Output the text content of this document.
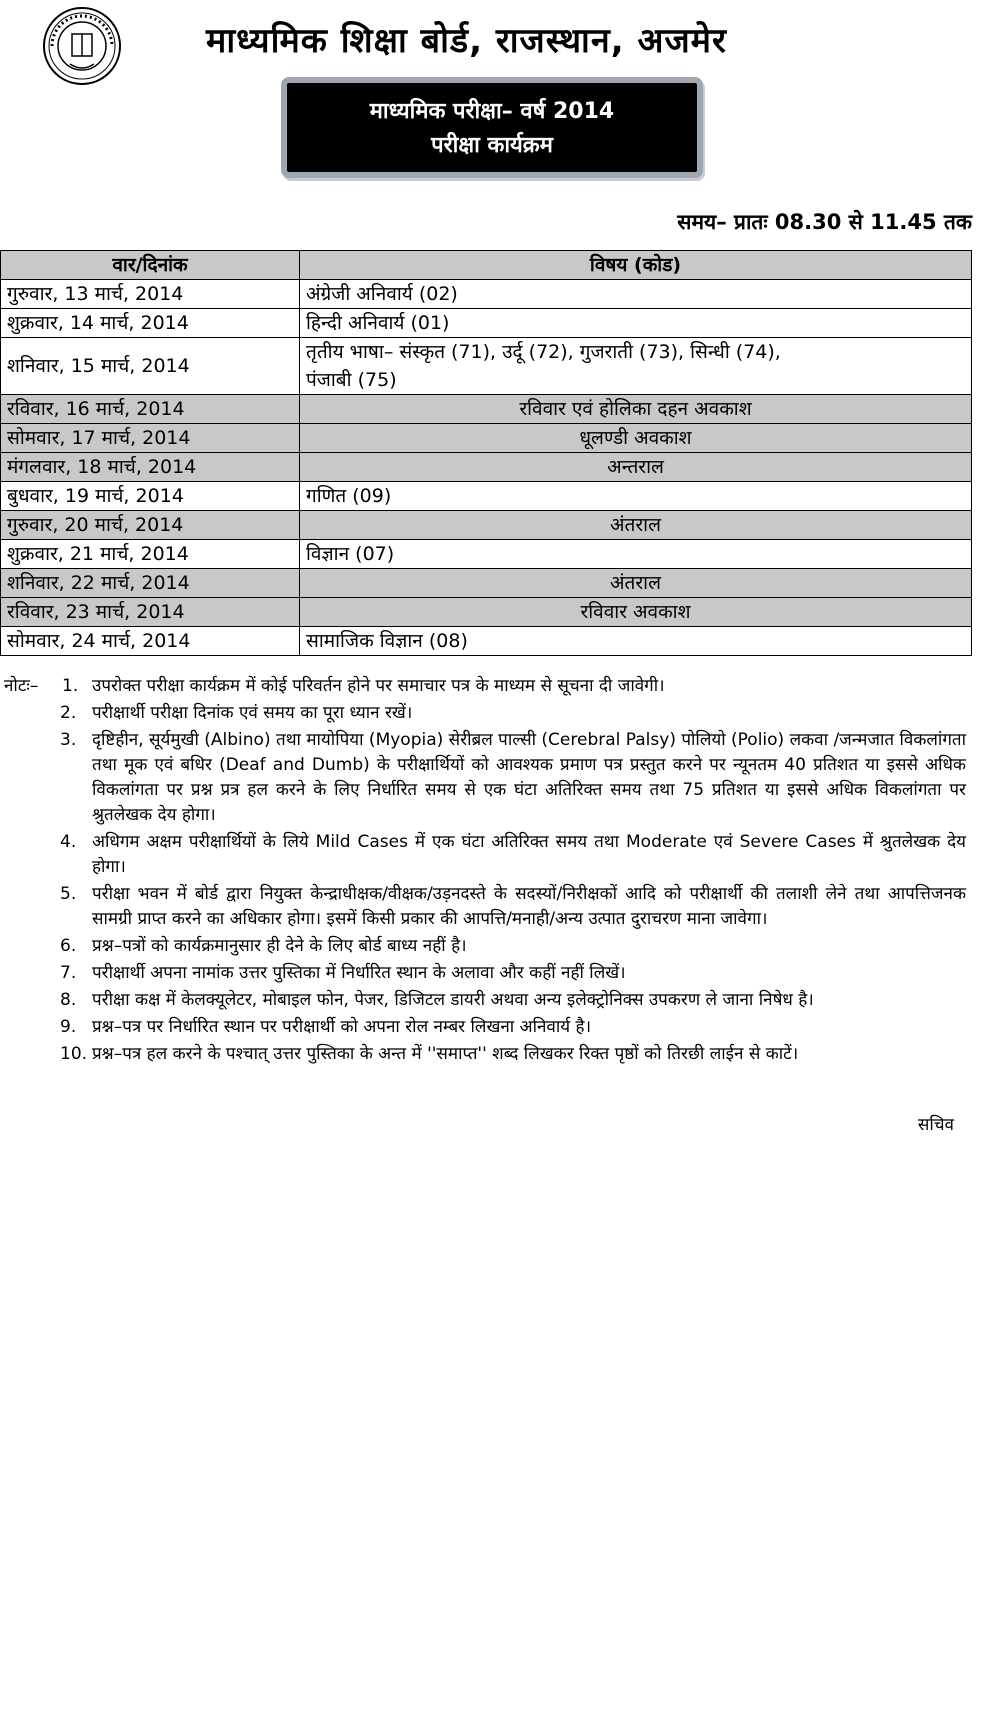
माध्यमिक शिक्षा बोर्ड, राजस्थान, अजमेर
माध्यमिक परीक्षा– वर्ष 2014
परीक्षा कार्यक्रम
समय– प्रातः 08.30 से 11.45 तक
वार/दिनांक	विषय (कोड)
गुरुवार, 13 मार्च, 2014	अंग्रेजी अनिवार्य (02)
शुक्रवार, 14 मार्च, 2014	हिन्दी अनिवार्य (01)
शनिवार, 15 मार्च, 2014	तृतीय भाषा– संस्कृत (71), उर्दू (72), गुजराती (73), सिन्धी (74),
पंजाबी (75)

रविवार, 16 मार्च, 2014	रविवार एवं होलिका दहन अवकाश
सोमवार, 17 मार्च, 2014	धूलण्डी अवकाश
मंगलवार, 18 मार्च, 2014	अन्तराल
बुधवार, 19 मार्च, 2014	गणित (09)
गुरुवार, 20 मार्च, 2014	अंतराल
शुक्रवार, 21 मार्च, 2014	विज्ञान (07)
शनिवार, 22 मार्च, 2014	अंतराल
रविवार, 23 मार्च, 2014	रविवार अवकाश
सोमवार, 24 मार्च, 2014	सामाजिक विज्ञान (08)
नोटः– 1. उपरोक्त परीक्षा कार्यक्रम में कोई परिवर्तन होने पर समाचार पत्र के माध्यम से सूचना दी जावेगी।
2. परीक्षार्थी परीक्षा दिनांक एवं समय का पूरा ध्यान रखें।
3. दृष्टिहीन, सूर्यमुखी (Albino) तथा मायोपिया (Myopia) सेरीब्रल पाल्सी (Cerebral Palsy) पोलियो (Polio) लकवा /जन्मजात विकलांगता तथा मूक एवं बधिर (Deaf and Dumb) के परीक्षार्थियों को आवश्यक प्रमाण पत्र प्रस्तुत करने पर न्यूनतम 40 प्रतिशत या इससे अधिक विकलांगता पर प्रश्न प्रत्र हल करने के लिए निर्धारित समय से एक घंटा अतिरिक्त समय तथा 75 प्रतिशत या इससे अधिक विकलांगता पर श्रुतलेखक देय होगा।
4. अधिगम अक्षम परीक्षार्थियों के लिये Mild Cases में एक घंटा अतिरिक्त समय तथा Moderate एवं Severe Cases में श्रुतलेखक देय होगा।
5. परीक्षा भवन में बोर्ड द्वारा नियुक्त केन्द्राधीक्षक/वीक्षक/उड़नदस्ते के सदस्यों/निरीक्षकों आदि को परीक्षार्थी की तलाशी लेने तथा आपत्तिजनक सामग्री प्राप्त करने का अधिकार होगा। इसमें किसी प्रकार की आपत्ति/मनाही/अन्य उत्पात दुराचरण माना जावेगा।
6. प्रश्न–पत्रों को कार्यक्रमानुसार ही देने के लिए बोर्ड बाध्य नहीं है।
7. परीक्षार्थी अपना नामांक उत्तर पुस्तिका में निर्धारित स्थान के अलावा और कहीं नहीं लिखें।
8. परीक्षा कक्ष में केलक्यूलेटर, मोबाइल फोन, पेजर, डिजिटल डायरी अथवा अन्य इलेक्ट्रोनिक्स उपकरण ले जाना निषेध है।
9. प्रश्न–पत्र पर निर्धारित स्थान पर परीक्षार्थी को अपना रोल नम्बर लिखना अनिवार्य है।
10. प्रश्न–पत्र हल करने के पश्चात् उत्तर पुस्तिका के अन्त में ''समाप्त'' शब्द लिखकर रिक्त पृष्ठों को तिरछी लाईन से काटें।
सचिव
